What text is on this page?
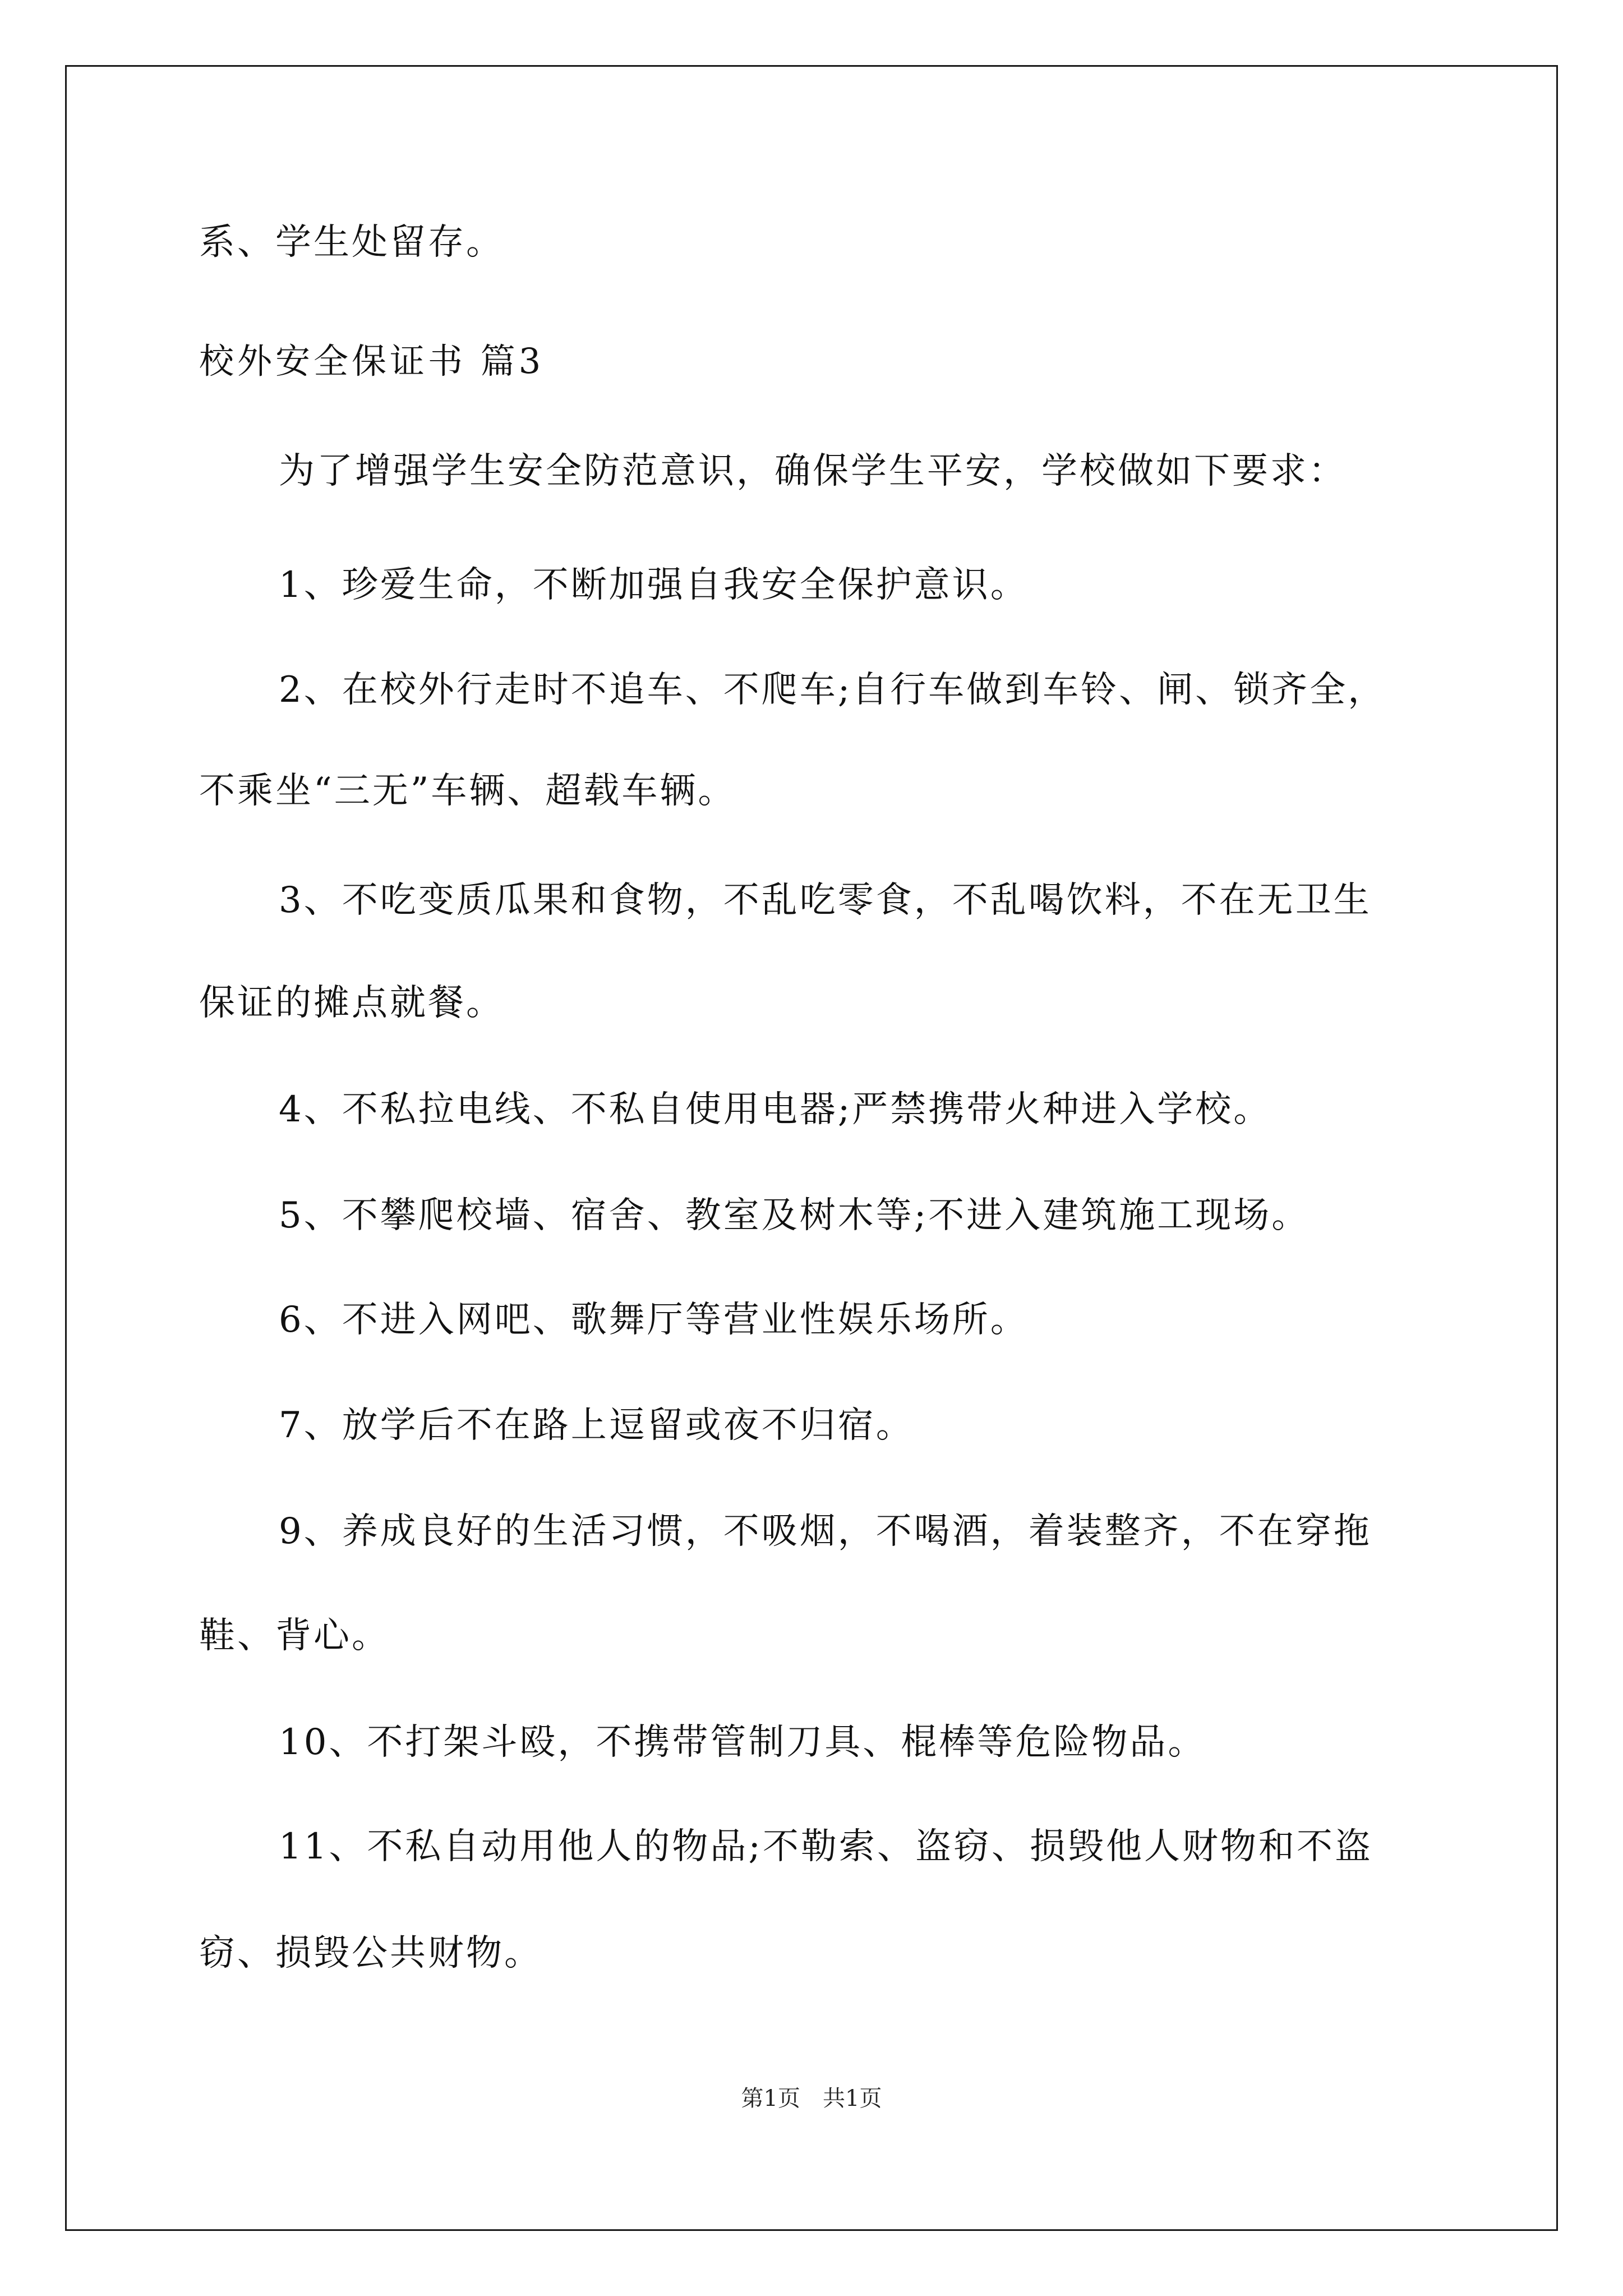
系、学生处留存。
校外安全保证书 篇3
为了增强学生安全防范意识，确保学生平安，学校做如下要求：
1、珍爱生命，不断加强自我安全保护意识。
2、在校外行走时不追车、不爬车;自行车做到车铃、闸、锁齐全，
不乘坐“三无”车辆、超载车辆。
3、不吃变质瓜果和食物，不乱吃零食，不乱喝饮料，不在无卫生
保证的摊点就餐。
4、不私拉电线、不私自使用电器;严禁携带火种进入学校。
5、不攀爬校墙、宿舍、教室及树木等;不进入建筑施工现场。
6、不进入网吧、歌舞厅等营业性娱乐场所。
7、放学后不在路上逗留或夜不归宿。
9、养成良好的生活习惯，不吸烟，不喝酒，着装整齐，不在穿拖
鞋、背心。
10、不打架斗殴，不携带管制刀具、棍棒等危险物品。
11、不私自动用他人的物品;不勒索、盗窃、损毁他人财物和不盗
窃、损毁公共财物。
第1页　共1页
